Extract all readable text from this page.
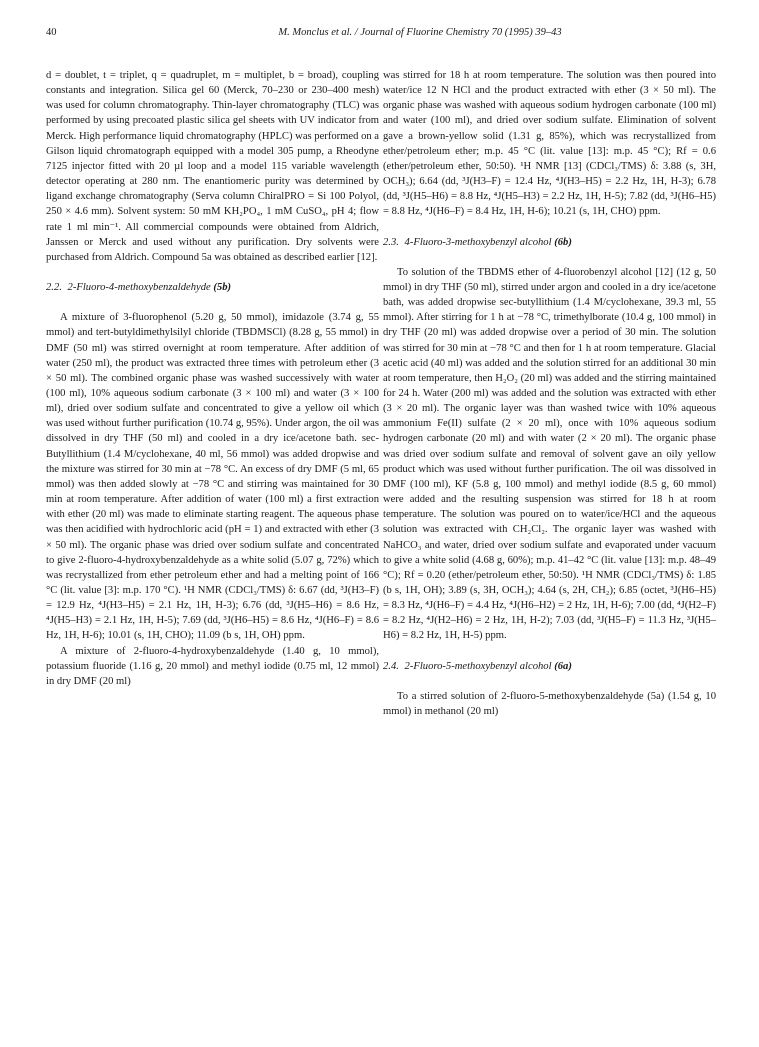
40	M. Monclus et al. / Journal of Fluorine Chemistry 70 (1995) 39–43

d = doublet, t = triplet, q = quadruplet, m = multiplet, b = broad), coupling constants and integration. Silica gel 60 (Merck, 70–230 or 230–400 mesh) was used for column chromatography. Thin-layer chromatography (TLC) was performed by using precoated plastic silica gel sheets with UV indicator from Merck. High performance liquid chromatography (HPLC) was performed on a Gilson liquid chromatograph equipped with a model 305 pump, a Rheodyne 7125 injector fitted with 20 µl loop and a model 115 variable wavelength detector operating at 280 nm. The enantiomeric purity was determined by ligand exchange chromatography (Serva column ChiralPRO = Si 100 Polyol, 250 × 4.6 mm). Solvent system: 50 mM KH₂PO₄, 1 mM CuSO₄, pH 4; flow rate 1 ml min⁻¹. All commercial compounds were obtained from Aldrich, Janssen or Merck and used without any purification. Dry solvents were purchased from Aldrich. Compound 5a was obtained as described earlier [12].

2.2. 2-Fluoro-4-methoxybenzaldehyde (5b)

A mixture of 3-fluorophenol (5.20 g, 50 mmol), imidazole (3.74 g, 55 mmol) and tert-butyldimethylsilyl chloride (TBDMSCl) (8.28 g, 55 mmol) in DMF (50 ml) was stirred overnight at room temperature. After addition of water (250 ml), the product was extracted three times with petroleum ether (3 × 50 ml). The combined organic phase was washed successively with water (100 ml), 10% aqueous sodium carbonate (3 × 100 ml) and water (3 × 100 ml), dried over sodium sulfate and concentrated to give a yellow oil which was used without further purification (10.74 g, 95%). Under argon, the oil was dissolved in dry THF (50 ml) and cooled in a dry ice/acetone bath. sec-Butyllithium (1.4 M/cyclohexane, 40 ml, 56 mmol) was added dropwise and the mixture was stirred for 30 min at −78 °C. An excess of dry DMF (5 ml, 65 mmol) was then added slowly at −78 °C and stirring was maintained for 30 min at room temperature. After addition of water (100 ml) a first extraction with ether (20 ml) was made to eliminate starting reagent. The aqueous phase was then acidified with hydrochloric acid (pH = 1) and extracted with ether (3 × 50 ml). The organic phase was dried over sodium sulfate and concentrated to give 2-fluoro-4-hydroxybenzaldehyde as a white solid (5.07 g, 72%) which was recrystallized from ether petroleum ether and had a melting point of 166 °C (lit. value [3]: m.p. 170 °C). ¹H NMR (CDCl₃/TMS) δ: 6.67 (dd, ³J(H3–F) = 12.9 Hz, ⁴J(H3–H5) = 2.1 Hz, 1H, H-3); 6.76 (dd, ³J(H5–H6) = 8.6 Hz, ⁴J(H5–H3) = 2.1 Hz, 1H, H-5); 7.69 (dd, ³J(H6–H5) = 8.6 Hz, ⁴J(H6–F) = 8.6 Hz, 1H, H-6); 10.01 (s, 1H, CHO); 11.09 (b s, 1H, OH) ppm.

A mixture of 2-fluoro-4-hydroxybenzaldehyde (1.40 g, 10 mmol), potassium fluoride (1.16 g, 20 mmol) and methyl iodide (0.75 ml, 12 mmol) in dry DMF (20 ml)

was stirred for 18 h at room temperature. The solution was then poured into water/ice 12 N HCl and the product extracted with ether (3 × 50 ml). The organic phase was washed with aqueous sodium hydrogen carbonate (100 ml) and water (100 ml), and dried over sodium sulfate. Elimination of solvent gave a brown-yellow solid (1.31 g, 85%), which was recrystallized from ether/petroleum ether; m.p. 45 °C (lit. value [13]: m.p. 45 °C); Rf = 0.6 (ether/petroleum ether, 50:50). ¹H NMR [13] (CDCl₃/TMS) δ: 3.88 (s, 3H, OCH₃); 6.64 (dd, ³J(H3–F) = 12.4 Hz, ⁴J(H3–H5) = 2.2 Hz, 1H, H-3); 6.78 (dd, ³J(H5–H6) = 8.8 Hz, ⁴J(H5–H3) = 2.2 Hz, 1H, H-5); 7.82 (dd, ³J(H6–H5) = 8.8 Hz, ⁴J(H6–F) = 8.4 Hz, 1H, H-6); 10.21 (s, 1H, CHO) ppm.

2.3. 4-Fluoro-3-methoxybenzyl alcohol (6b)

To solution of the TBDMS ether of 4-fluorobenzyl alcohol [12] (12 g, 50 mmol) in dry THF (50 ml), stirred under argon and cooled in a dry ice/acetone bath, was added dropwise sec-butyllithium (1.4 M/cyclohexane, 39.3 ml, 55 mmol). After stirring for 1 h at −78 °C, trimethylborate (10.4 g, 100 mmol) in dry THF (20 ml) was added dropwise over a period of 30 min. The solution was stirred for 30 min at −78 °C and then for 1 h at room temperature. Glacial acetic acid (40 ml) was added and the solution stirred for an additional 30 min at room temperature, then H₂O₂ (20 ml) was added and the stirring maintained for 24 h. Water (200 ml) was added and the solution was extracted with ether (3 × 20 ml). The organic layer was than washed twice with 10% aqueous ammonium Fe(II) sulfate (2 × 20 ml), once with 10% aqueous sodium hydrogen carbonate (20 ml) and with water (2 × 20 ml). The organic phase was dried over sodium sulfate and removal of solvent gave an oily yellow product which was used without further purification. The oil was dissolved in DMF (100 ml), KF (5.8 g, 100 mmol) and methyl iodide (8.5 g, 60 mmol) were added and the resulting suspension was stirred for 18 h at room temperature. The solution was poured on to water/ice/HCl and the aqueous solution was extracted with CH₂Cl₂. The organic layer was washed with NaHCO₃ and water, dried over sodium sulfate and evaporated under vacuum to give a white solid (4.68 g, 60%); m.p. 41–42 °C (lit. value [13]: m.p. 48–49 °C); Rf = 0.20 (ether/petroleum ether, 50:50). ¹H NMR (CDCl₃/TMS) δ: 1.85 (b s, 1H, OH); 3.89 (s, 3H, OCH₃); 4.64 (s, 2H, CH₂); 6.85 (octet, ³J(H6–H5) = 8.3 Hz, ⁴J(H6–F) = 4.4 Hz, ⁴J(H6–H2) = 2 Hz, 1H, H-6); 7.00 (dd, ⁴J(H2–F) = 8.2 Hz, ⁴J(H2–H6) = 2 Hz, 1H, H-2); 7.03 (dd, ³J(H5–F) = 11.3 Hz, ³J(H5–H6) = 8.2 Hz, 1H, H-5) ppm.

2.4. 2-Fluoro-5-methoxybenzyl alcohol (6a)

To a stirred solution of 2-fluoro-5-methoxybenzaldehyde (5a) (1.54 g, 10 mmol) in methanol (20 ml)
